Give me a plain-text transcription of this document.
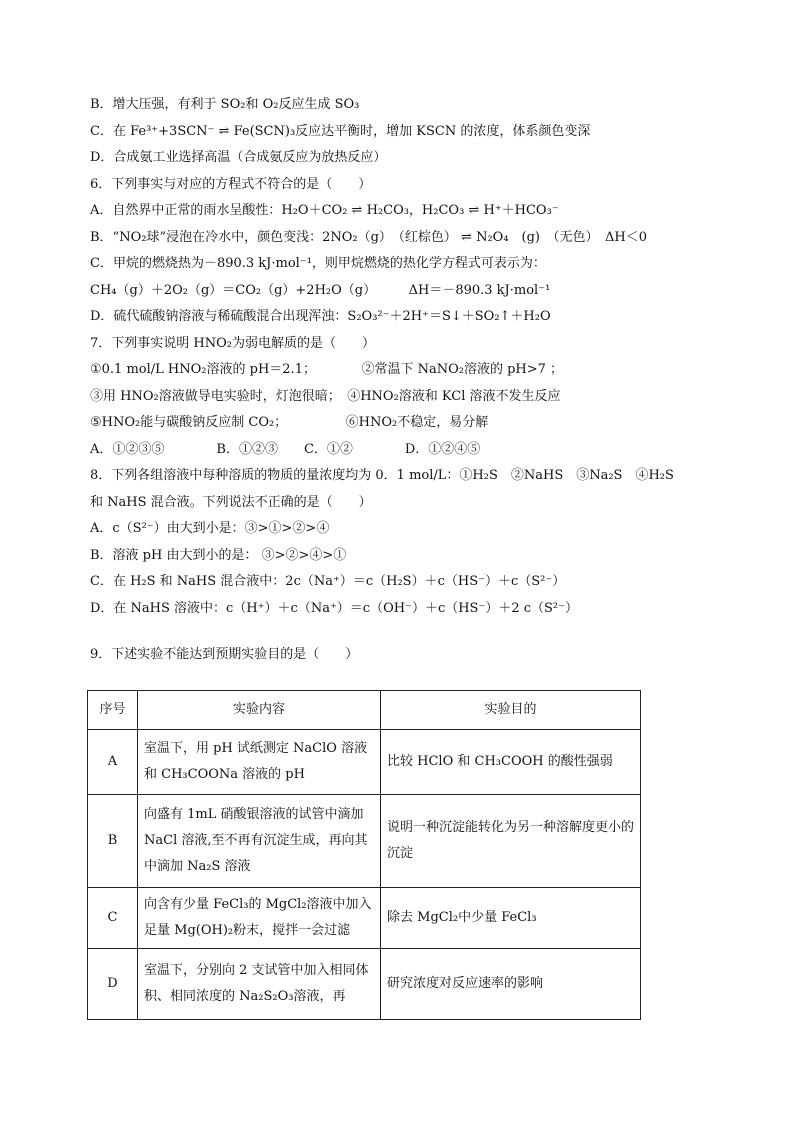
B．增大压强，有利于 SO₂和 O₂反应生成 SO₃
C．在 Fe³⁺+3SCN⁻ ⇌ Fe(SCN)₃反应达平衡时，增加 KSCN 的浓度，体系颜色变深
D．合成氨工业选择高温（合成氨反应为放热反应）
6．下列事实与对应的方程式不符合的是（　　）
A．自然界中正常的雨水呈酸性：H₂O＋CO₂ ⇌ H₂CO₃，H₂CO₃ ⇌ H⁺＋HCO₃⁻
B．“NO₂球”浸泡在冷水中，颜色变浅：2NO₂（g）　（红棕色） ⇌ N₂O₄　(g)　（无色）　ΔH＜0
C．甲烷的燃烧热为－890.3 kJ·mol⁻¹，则甲烷燃烧的热化学方程式可表示为：
CH₄（g）＋2O₂（g）＝CO₂（g）+2H₂O（g）　　　ΔH＝－890.3 kJ·mol⁻¹
D．硫代硫酸钠溶液与稀硫酸混合出现浑浊：S₂O₃²⁻＋2H⁺＝S↓＋SO₂↑＋H₂O
7．下列事实说明 HNO₂为弱电解质的是（　　）
①0.1 mol/L HNO₂溶液的 pH＝2.1；　　　　②常温下 NaNO₂溶液的 pH>7 ；
③用 HNO₂溶液做导电实验时，灯泡很暗；　④HNO₂溶液和 KCl 溶液不发生反应
⑤HNO₂能与碳酸钠反应制 CO₂；　　　　　⑥HNO₂不稳定，易分解
A．①②③⑤　　　　B．①②③　　C．①②　　　　D．①②④⑤
8．下列各组溶液中每种溶质的物质的量浓度均为 0．1 mol/L：①H₂S　②NaHS　③Na₂S　④H₂S
和 NaHS 混合液。下列说法不正确的是（　　）
A．c（S²⁻）由大到小是：③>①>②>④
B．溶液 pH 由大到小的是： ③>②>④>①
C．在 H₂S 和 NaHS 混合液中：2c（Na⁺）＝c（H₂S）＋c（HS⁻）＋c（S²⁻）
D．在 NaHS 溶液中：c（H⁺）＋c（Na⁺）＝c（OH⁻）＋c（HS⁻）＋2 c（S²⁻）
9．下述实验不能达到预期实验目的是（　　）
序号	实验内容	实验目的
A	室温下，用 pH 试纸测定 NaClO 溶液和 CH₃COONa 溶液的 pH	比较 HClO 和 CH₃COOH 的酸性强弱
B	向盛有 1mL 硝酸银溶液的试管中滴加 NaCl 溶液,至不再有沉淀生成，再向其中滴加 Na₂S 溶液	说明一种沉淀能转化为另一种溶解度更小的沉淀
C	向含有少量 FeCl₃的 MgCl₂溶液中加入足量 Mg(OH)₂粉末，搅拌一会过滤	除去 MgCl₂中少量 FeCl₃
D	室温下，分别向 2 支试管中加入相同体积、相同浓度的 Na₂S₂O₃溶液，再	研究浓度对反应速率的影响
